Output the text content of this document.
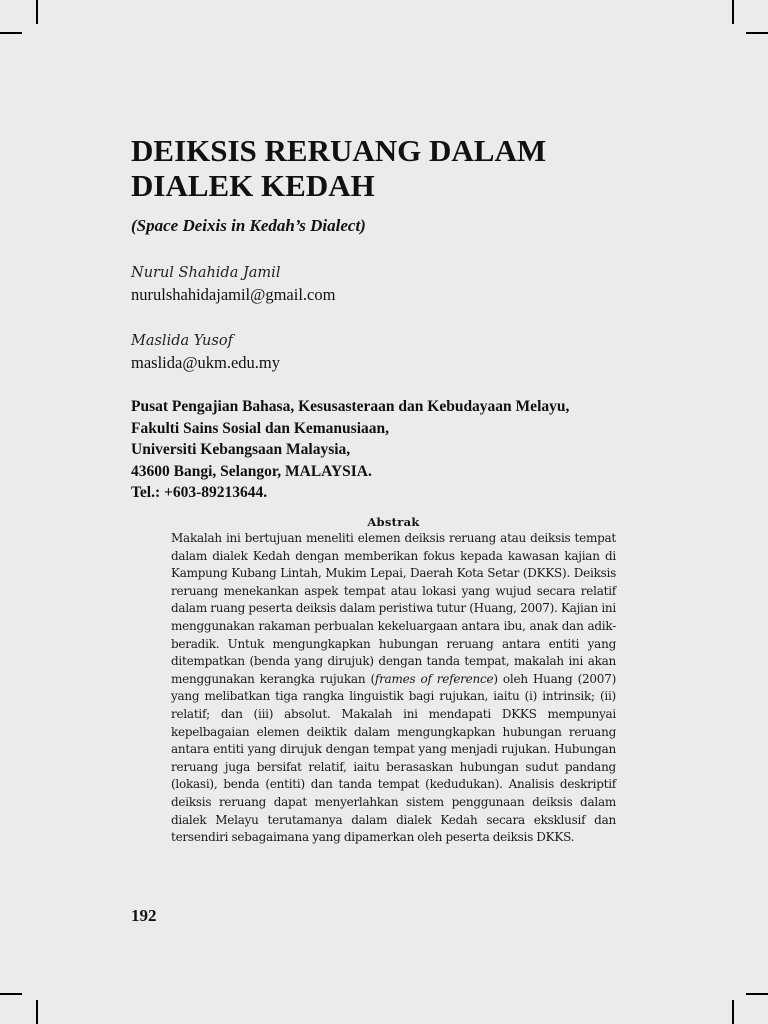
DEIKSIS RERUANG DALAM DIALEK KEDAH
(Space Deixis in Kedah’s Dialect)
Nurul Shahida Jamil
nurulshahidajamil@gmail.com
Maslida Yusof
maslida@ukm.edu.my
Pusat Pengajian Bahasa, Kesusasteraan dan Kebudayaan Melayu,
Fakulti Sains Sosial dan Kemanusiaan,
Universiti Kebangsaan Malaysia,
43600 Bangi, Selangor, MALAYSIA.
Tel.: +603-89213644.
Abstrak
Makalah ini bertujuan meneliti elemen deiksis reruang atau deiksis tempat dalam dialek Kedah dengan memberikan fokus kepada kawasan kajian di Kampung Kubang Lintah, Mukim Lepai, Daerah Kota Setar (DKKS). Deiksis reruang menekankan aspek tempat atau lokasi yang wujud secara relatif dalam ruang peserta deiksis dalam peristiwa tutur (Huang, 2007). Kajian ini menggunakan rakaman perbualan kekeluargaan antara ibu, anak dan adik-beradik. Untuk mengungkapkan hubungan reruang antara entiti yang ditempatkan (benda yang dirujuk) dengan tanda tempat, makalah ini akan menggunakan kerangka rujukan (frames of reference) oleh Huang (2007) yang melibatkan tiga rangka linguistik bagi rujukan, iaitu (i) intrinsik; (ii) relatif; dan (iii) absolut. Makalah ini mendapati DKKS mempunyai kepelbagaian elemen deiktik dalam mengungkapkan hubungan reruang antara entiti yang dirujuk dengan tempat yang menjadi rujukan. Hubungan reruang juga bersifat relatif, iaitu berasaskan hubungan sudut pandang (lokasi), benda (entiti) dan tanda tempat (kedudukan). Analisis deskriptif deiksis reruang dapat menyerlahkan sistem penggunaan deiksis dalam dialek Melayu terutamanya dalam dialek Kedah secara eksklusif dan tersendiri sebagaimana yang dipamerkan oleh peserta deiksis DKKS.
192
